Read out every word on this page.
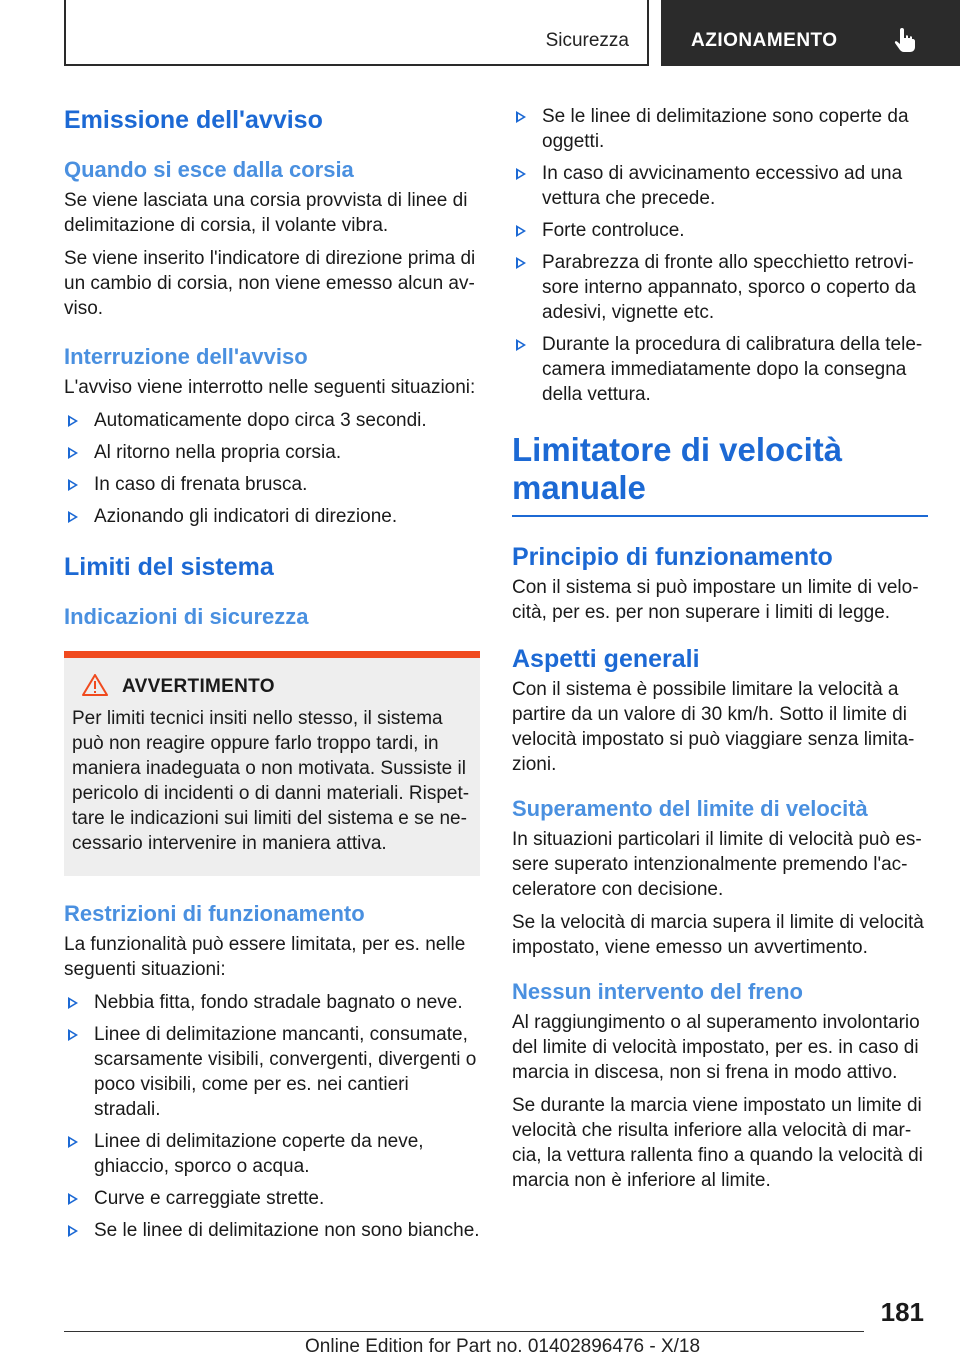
Sicurezza	AZIONAMENTO
Emissione dell'avviso
Quando si esce dalla corsia
Se viene lasciata una corsia provvista di linee di delimitazione di corsia, il volante vibra.
Se viene inserito l'indicatore di direzione prima di un cambio di corsia, non viene emesso alcun av-viso.
Interruzione dell'avviso
L'avviso viene interrotto nelle seguenti situazioni:
Automaticamente dopo circa 3 secondi.
Al ritorno nella propria corsia.
In caso di frenata brusca.
Azionando gli indicatori di direzione.
Limiti del sistema
Indicazioni di sicurezza
AVVERTIMENTO
Per limiti tecnici insiti nello stesso, il sistema può non reagire oppure farlo troppo tardi, in maniera inadeguata o non motivata. Sussiste il pericolo di incidenti o di danni materiali. Rispet-tare le indicazioni sui limiti del sistema e se ne-cessario intervenire in maniera attiva.
Restrizioni di funzionamento
La funzionalità può essere limitata, per es. nelle seguenti situazioni:
Nebbia fitta, fondo stradale bagnato o neve.
Linee di delimitazione mancanti, consumate, scarsamente visibili, convergenti, divergenti o poco visibili, come per es. nei cantieri stradali.
Linee di delimitazione coperte da neve, ghiaccio, sporco o acqua.
Curve e carreggiate strette.
Se le linee di delimitazione non sono bianche.
Se le linee di delimitazione sono coperte da oggetti.
In caso di avvicinamento eccessivo ad una vettura che precede.
Forte controluce.
Parabrezza di fronte allo specchietto retrovi-sore interno appannato, sporco o coperto da adesivi, vignette etc.
Durante la procedura di calibratura della tele-camera immediatamente dopo la consegna della vettura.
Limitatore di velocità manuale
Principio di funzionamento
Con il sistema si può impostare un limite di velo-cità, per es. per non superare i limiti di legge.
Aspetti generali
Con il sistema è possibile limitare la velocità a partire da un valore di 30 km/h. Sotto il limite di velocità impostato si può viaggiare senza limita-zioni.
Superamento del limite di velocità
In situazioni particolari il limite di velocità può es-sere superato intenzionalmente premendo l'ac-celeratore con decisione.
Se la velocità di marcia supera il limite di velocità impostato, viene emesso un avvertimento.
Nessun intervento del freno
Al raggiungimento o al superamento involontario del limite di velocità impostato, per es. in caso di marcia in discesa, non si frena in modo attivo.
Se durante la marcia viene impostato un limite di velocità che risulta inferiore alla velocità di mar-cia, la vettura rallenta fino a quando la velocità di marcia non è inferiore al limite.
181
Online Edition for Part no. 01402896476 - X/18
